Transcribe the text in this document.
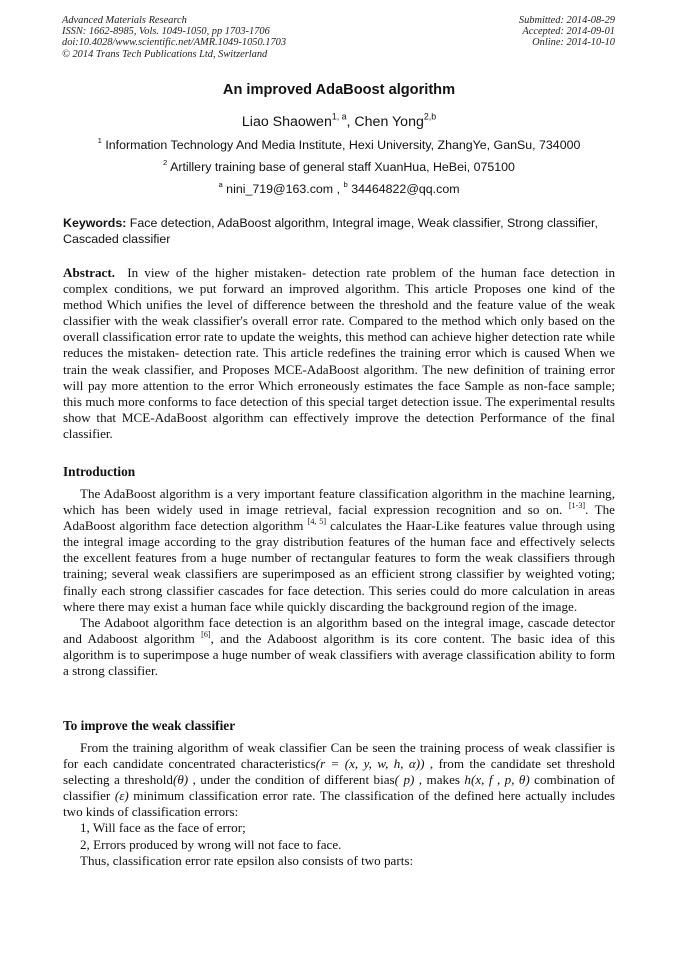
Advanced Materials Research
ISSN: 1662-8985, Vols. 1049-1050, pp 1703-1706
doi:10.4028/www.scientific.net/AMR.1049-1050.1703
© 2014 Trans Tech Publications Ltd, Switzerland
Submitted: 2014-08-29
Accepted: 2014-09-01
Online: 2014-10-10
An improved AdaBoost algorithm
Liao Shaowen$^{1, a}$, Chen Yong$^{2,b}$
$^1$ Information Technology And Media Institute, Hexi University, ZhangYe, GanSu, 734000
$^2$ Artillery training base of general staff XuanHua, HeBei, 075100
$^a$ nini_719@163.com , $^b$ 34464822@qq.com
Keywords: Face detection, AdaBoost algorithm, Integral image, Weak classifier, Strong classifier, Cascaded classifier

Abstract. In view of the higher mistaken- detection rate problem of the human face detection in complex conditions, we put forward an improved algorithm. This article Proposes one kind of the method Which unifies the level of difference between the threshold and the feature value of the weak classifier with the weak classifier's overall error rate. Compared to the method which only based on the overall classification error rate to update the weights, this method can achieve higher detection rate while reduces the mistaken- detection rate. This article redefines the training error which is caused When we train the weak classifier, and Proposes MCE-AdaBoost algorithm. The new definition of training error will pay more attention to the error Which erroneously estimates the face Sample as non-face sample; this much more conforms to face detection of this special target detection issue. The experimental results show that MCE-AdaBoost algorithm can effectively improve the detection Performance of the final classifier.

Introduction

The AdaBoost algorithm is a very important feature classification algorithm in the machine learning, which has been widely used in image retrieval, facial expression recognition and so on. [1-3]. The AdaBoost algorithm face detection algorithm [4, 5] calculates the Haar-Like features value through using the integral image according to the gray distribution features of the human face and effectively selects the excellent features from a huge number of rectangular features to form the weak classifiers through training; several weak classifiers are superimposed as an efficient strong classifier by weighted voting; finally each strong classifier cascades for face detection. This series could do more calculation in areas where there may exist a human face while quickly discarding the background region of the image.

The Adaboot algorithm face detection is an algorithm based on the integral image, cascade detector and Adaboost algorithm [6], and the Adaboost algorithm is its core content. The basic idea of this algorithm is to superimpose a huge number of weak classifiers with average classification ability to form a strong classifier.

To improve the weak classifier

From the training algorithm of weak classifier Can be seen the training process of weak classifier is for each candidate concentrated characteristics(r = (x, y, w, h, α)) , from the candidate set threshold selecting a threshold(θ) , under the condition of different bias( p) , makes h(x, f , p, θ) combination of classifier (ε) minimum classification error rate. The classification of the defined here actually includes two kinds of classification errors:

1, Will face as the face of error;

2, Errors produced by wrong will not face to face.

Thus, classification error rate epsilon also consists of two parts:
